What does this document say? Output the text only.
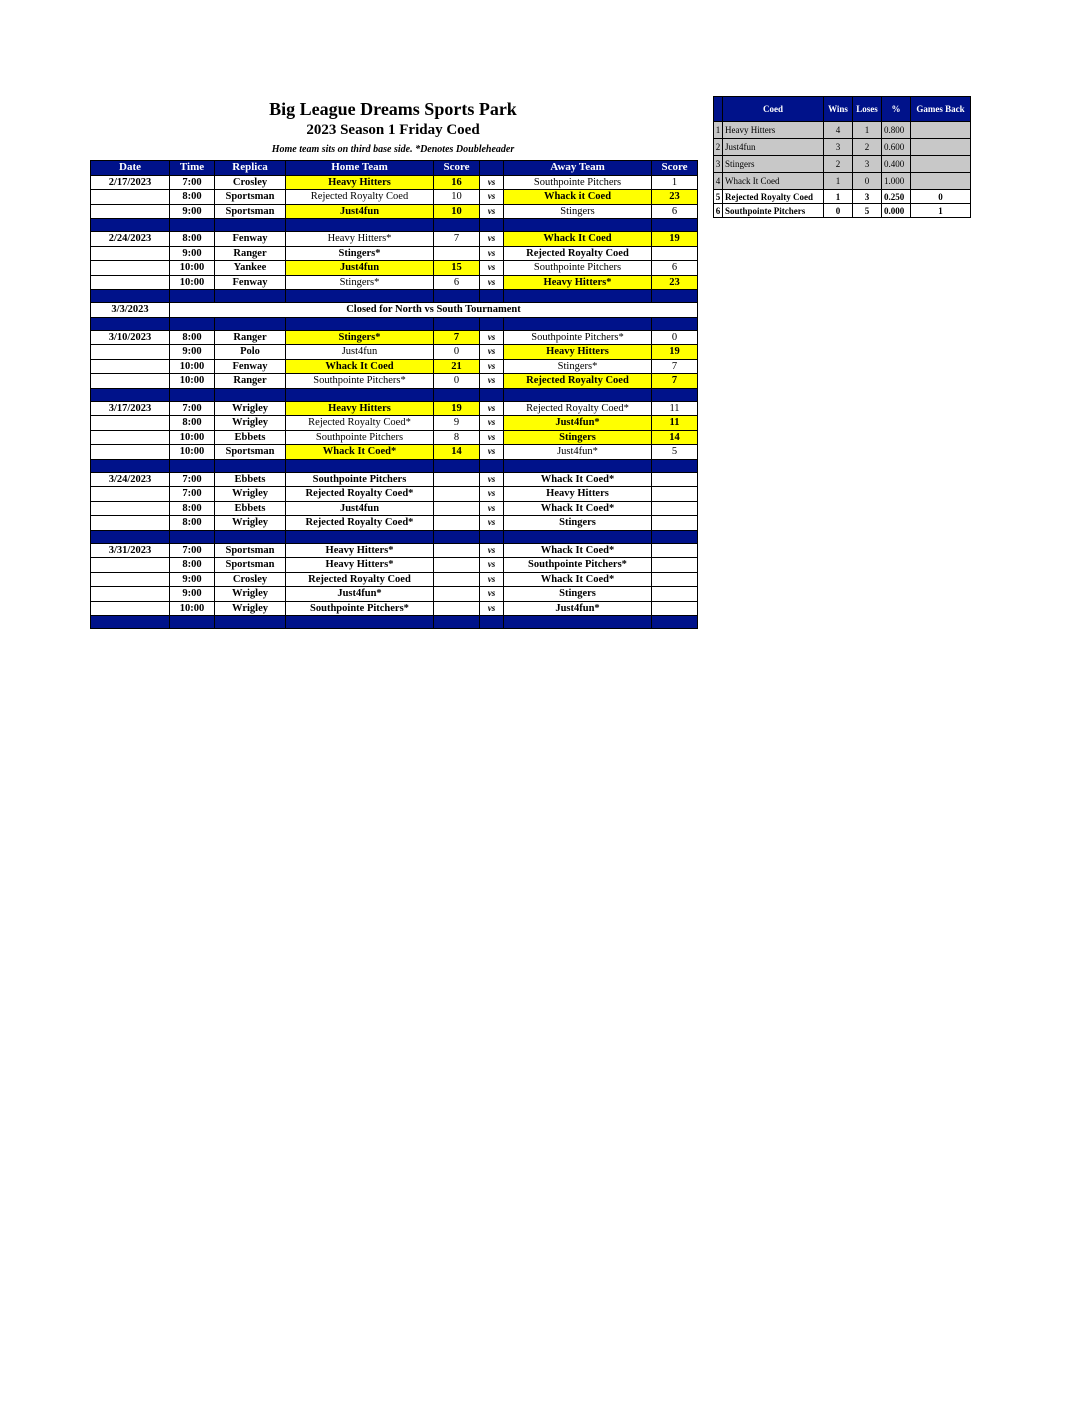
Big League Dreams Sports Park
2023 Season 1 Friday Coed
Home team sits on third base side. *Denotes Doubleheader
Date	Time	Replica	Home Team	Score		Away Team	Score
2/17/2023	7:00	Crosley	Heavy Hitters	16	vs	Southpointe Pitchers	1
	8:00	Sportsman	Rejected Royalty Coed	10	vs	Whack it Coed	23
	9:00	Sportsman	Just4fun	10	vs	Stingers	6

2/24/2023	8:00	Fenway	Heavy Hitters*	7	vs	Whack It Coed	19
	9:00	Ranger	Stingers*		vs	Rejected Royalty Coed	
	10:00	Yankee	Just4fun	15	vs	Southpointe Pitchers	6
	10:00	Fenway	Stingers*	6	vs	Heavy Hitters*	23

3/3/2023	Closed for North vs South Tournament						

3/10/2023	8:00	Ranger	Stingers*	7	vs	Southpointe Pitchers*	0
	9:00	Polo	Just4fun	0	vs	Heavy Hitters	19
	10:00	Fenway	Whack It Coed	21	vs	Stingers*	7
	10:00	Ranger	Southpointe Pitchers*	0	vs	Rejected Royalty Coed	7

3/17/2023	7:00	Wrigley	Heavy Hitters	19	vs	Rejected Royalty Coed*	11
	8:00	Wrigley	Rejected Royalty Coed*	9	vs	Just4fun*	11
	10:00	Ebbets	Southpointe Pitchers	8	vs	Stingers	14
	10:00	Sportsman	Whack It Coed*	14	vs	Just4fun*	5

3/24/2023	7:00	Ebbets	Southpointe Pitchers		vs	Whack It Coed*	
	7:00	Wrigley	Rejected Royalty Coed*		vs	Heavy Hitters	
	8:00	Ebbets	Just4fun		vs	Whack It Coed*	
	8:00	Wrigley	Rejected Royalty Coed*		vs	Stingers	

3/31/2023	7:00	Sportsman	Heavy Hitters*		vs	Whack It Coed*	
	8:00	Sportsman	Heavy Hitters*		vs	Southpointe Pitchers*	
	9:00	Crosley	Rejected Royalty Coed		vs	Whack It Coed*	
	9:00	Wrigley	Just4fun*		vs	Stingers	
	10:00	Wrigley	Southpointe Pitchers*		vs	Just4fun*	

	Coed	Wins	Loses	%	Games Back
1	Heavy Hitters	4	1	0.800	
2	Just4fun	3	2	0.600	
3	Stingers	2	3	0.400	
4	Whack It Coed	1	0	1.000	
5	Rejected Royalty Coed	1	3	0.250	0
6	Southpointe Pitchers	0	5	0.000	1
